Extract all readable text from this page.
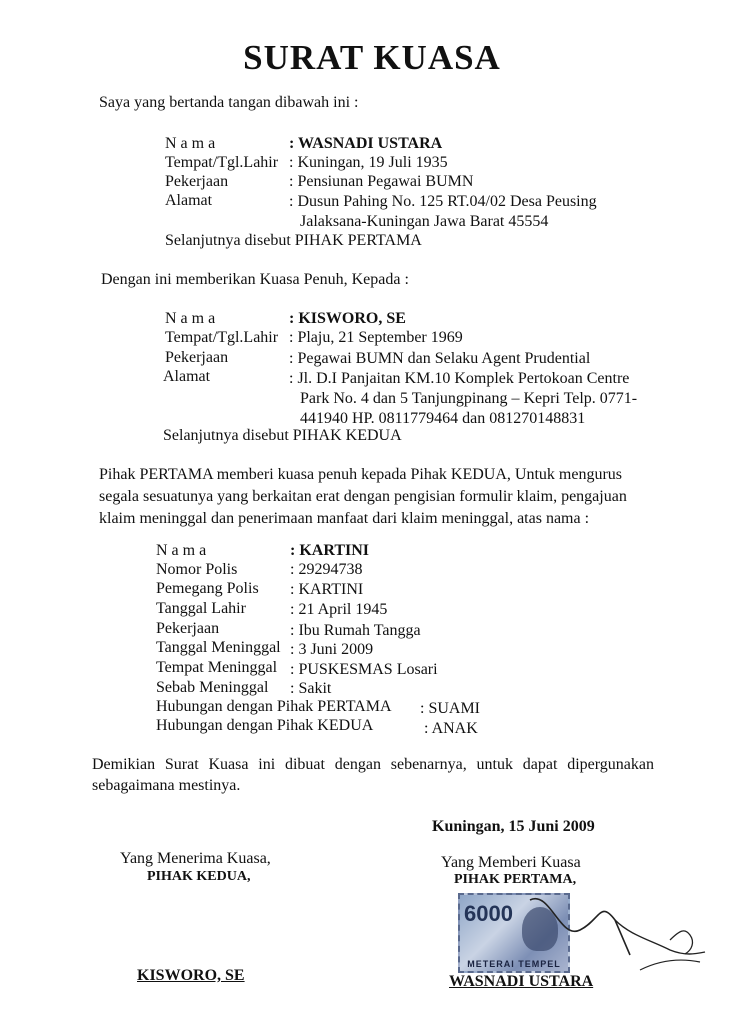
SURAT KUASA
Saya yang bertanda tangan dibawah ini :
N a m a	: WASNADI USTARA
Tempat/Tgl.Lahir : Kuningan, 19 Juli 1935
Pekerjaan	: Pensiunan Pegawai BUMN
Alamat	: Dusun Pahing No. 125 RT.04/02 Desa Peusing
Jalaksana-Kuningan Jawa Barat 45554
Selanjutnya disebut PIHAK PERTAMA
Dengan ini memberikan Kuasa Penuh, Kepada :
N a m a	: KISWORO, SE
Tempat/Tgl.Lahir : Plaju, 21 September 1969
Pekerjaan	: Pegawai BUMN dan Selaku Agent Prudential
Alamat	: Jl. D.I Panjaitan KM.10 Komplek Pertokoan Centre
Park No. 4 dan 5 Tanjungpinang – Kepri Telp. 0771-
441940 HP. 0811779464 dan 081270148831
Selanjutnya disebut PIHAK KEDUA
Pihak PERTAMA memberi kuasa penuh kepada Pihak KEDUA, Untuk mengurus
segala sesuatunya yang berkaitan erat dengan pengisian formulir klaim, pengajuan
klaim meninggal dan penerimaan manfaat dari klaim meninggal, atas nama :
N a m a	: KARTINI
Nomor Polis	: 29294738
Pemegang Polis : KARTINI
Tanggal Lahir	: 21 April 1945
Pekerjaan	: Ibu Rumah Tangga
Tanggal Meninggal : 3 Juni 2009
Tempat Meninggal : PUSKESMAS Losari
Sebab Meninggal : Sakit
Hubungan dengan Pihak PERTAMA : SUAMI
Hubungan dengan Pihak KEDUA	: ANAK
Demikian Surat Kuasa ini dibuat dengan sebenarnya, untuk dapat dipergunakan
sebagaimana mestinya.
Kuningan, 15 Juni 2009
Yang Menerima Kuasa,
PIHAK KEDUA,
KISWORO, SE
Yang Memberi Kuasa
PIHAK PERTAMA,
6000
METERAI TEMPEL
WASNADI USTARA
